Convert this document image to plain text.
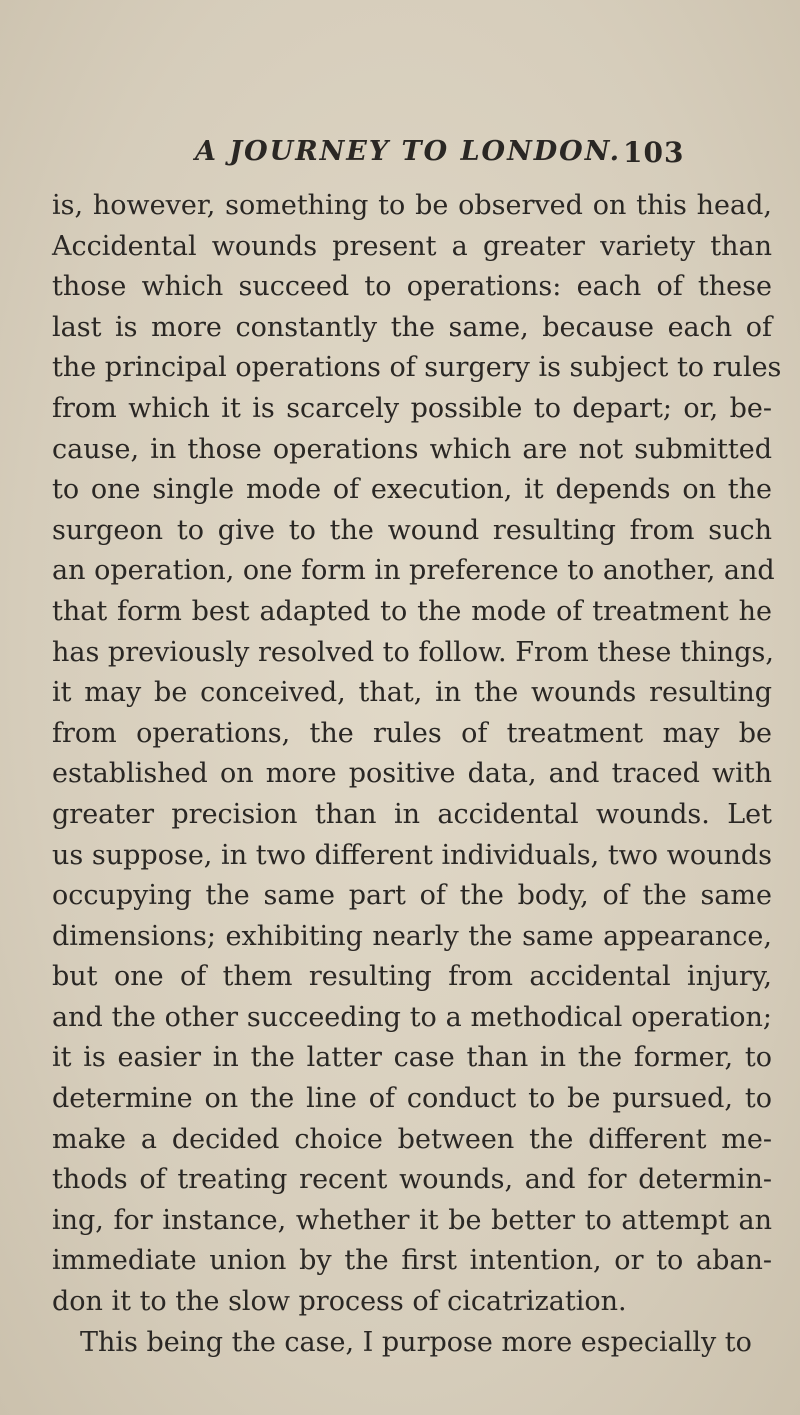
A JOURNEY TO LONDON. 103
is, however, something to be observed on this head,
Accidental wounds present a greater variety than
those which succeed to operations: each of these
last is more constantly the same, because each of
the principal operations of surgery is subject to rules
from which it is scarcely possible to depart; or, be-
cause, in those operations which are not submitted
to one single mode of execution, it depends on the
surgeon to give to the wound resulting from such
an operation, one form in preference to another, and
that form best adapted to the mode of treatment he
has previously resolved to follow. From these things,
it may be conceived, that, in the wounds resulting
from operations, the rules of treatment may be
established on more positive data, and traced with
greater precision than in accidental wounds. Let
us suppose, in two different individuals, two wounds
occupying the same part of the body, of the same
dimensions; exhibiting nearly the same appearance,
but one of them resulting from accidental injury,
and the other succeeding to a methodical operation;
it is easier in the latter case than in the former, to
determine on the line of conduct to be pursued, to
make a decided choice between the different me-
thods of treating recent wounds, and for determin-
ing, for instance, whether it be better to attempt an
immediate union by the first intention, or to aban-
don it to the slow process of cicatrization.
This being the case, I purpose more especially to
